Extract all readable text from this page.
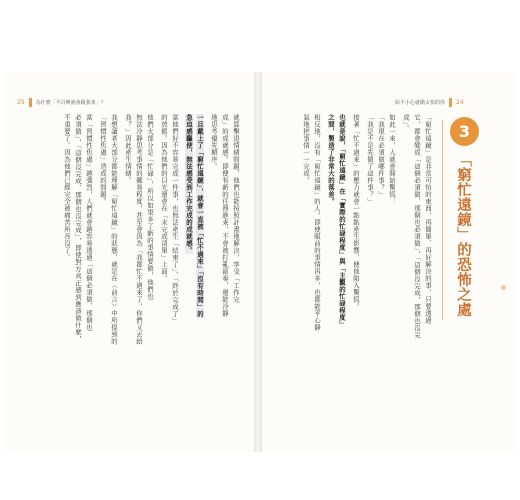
25 為什麼「不召喚就會跟我來」？	給不小心就衝太快的你 24
3
「窮忙遠鏡」的恐怖之處
「窮忙遠鏡」是非常可怕的東西，再簡單、再好解決的事，只要透過
它，都會變成「這個必須做、那個也必須做」，「這個沒完成，那個也沒完
成」。
如此一來，人就會開始驚慌：
「我現在必須做哪件事？」
「我是不是先做了這件事？」
接著「忙不過來」的壓力就會一點點產生影響，使他陷入驚慌。
也就是說，「窮忙遠鏡」在「實際的忙碌程度」與「主觀的忙碌程度」
之間，製造了非常大的落差。
相反地，沒有「窮忙遠鏡」的人，即使眼前的事情再多，也都能平心靜
氣地把事情一一完成。
就算擊退情緒問題，他們也能按照計畫地解決，享受「工作完
成」的成就感。即便有新的任務進來，不會被打亂節奏，還能冷靜
地思考優先順序。
一旦戴上了「窮忙遠鏡」，就會一直被「忙不過來」「沒有時間」的
急迫感驅使，無法感受到工作完成的成就感。
當他們好不容易完成一件事，也無法產生「結束了」、「終於完成了」
的放鬆。因為他們的目光還會在「未完成清單」上面。
他們大部分是「忙碌」，所以如果多了新的事情要做，他們也
無法冷靜思考事情的難易程度，甚至會因為「我都忙不過來了，你們又丟給
我？」因此產生情緒。
我想讀者大部分都能理解「窮忙遠鏡」的狀態，就是在〈前言〉中所提到的
「習慣性焦慮」造成的問題。
當「習慣性焦慮」越強烈，人們就會越容易透過「這個必須做、那個也
必須做」，「這個沒完成、那個也沒完成」，即使對方真正感到應該做什麼，
不重要了。因為他們已經完全被痛苦所吞沒了。
